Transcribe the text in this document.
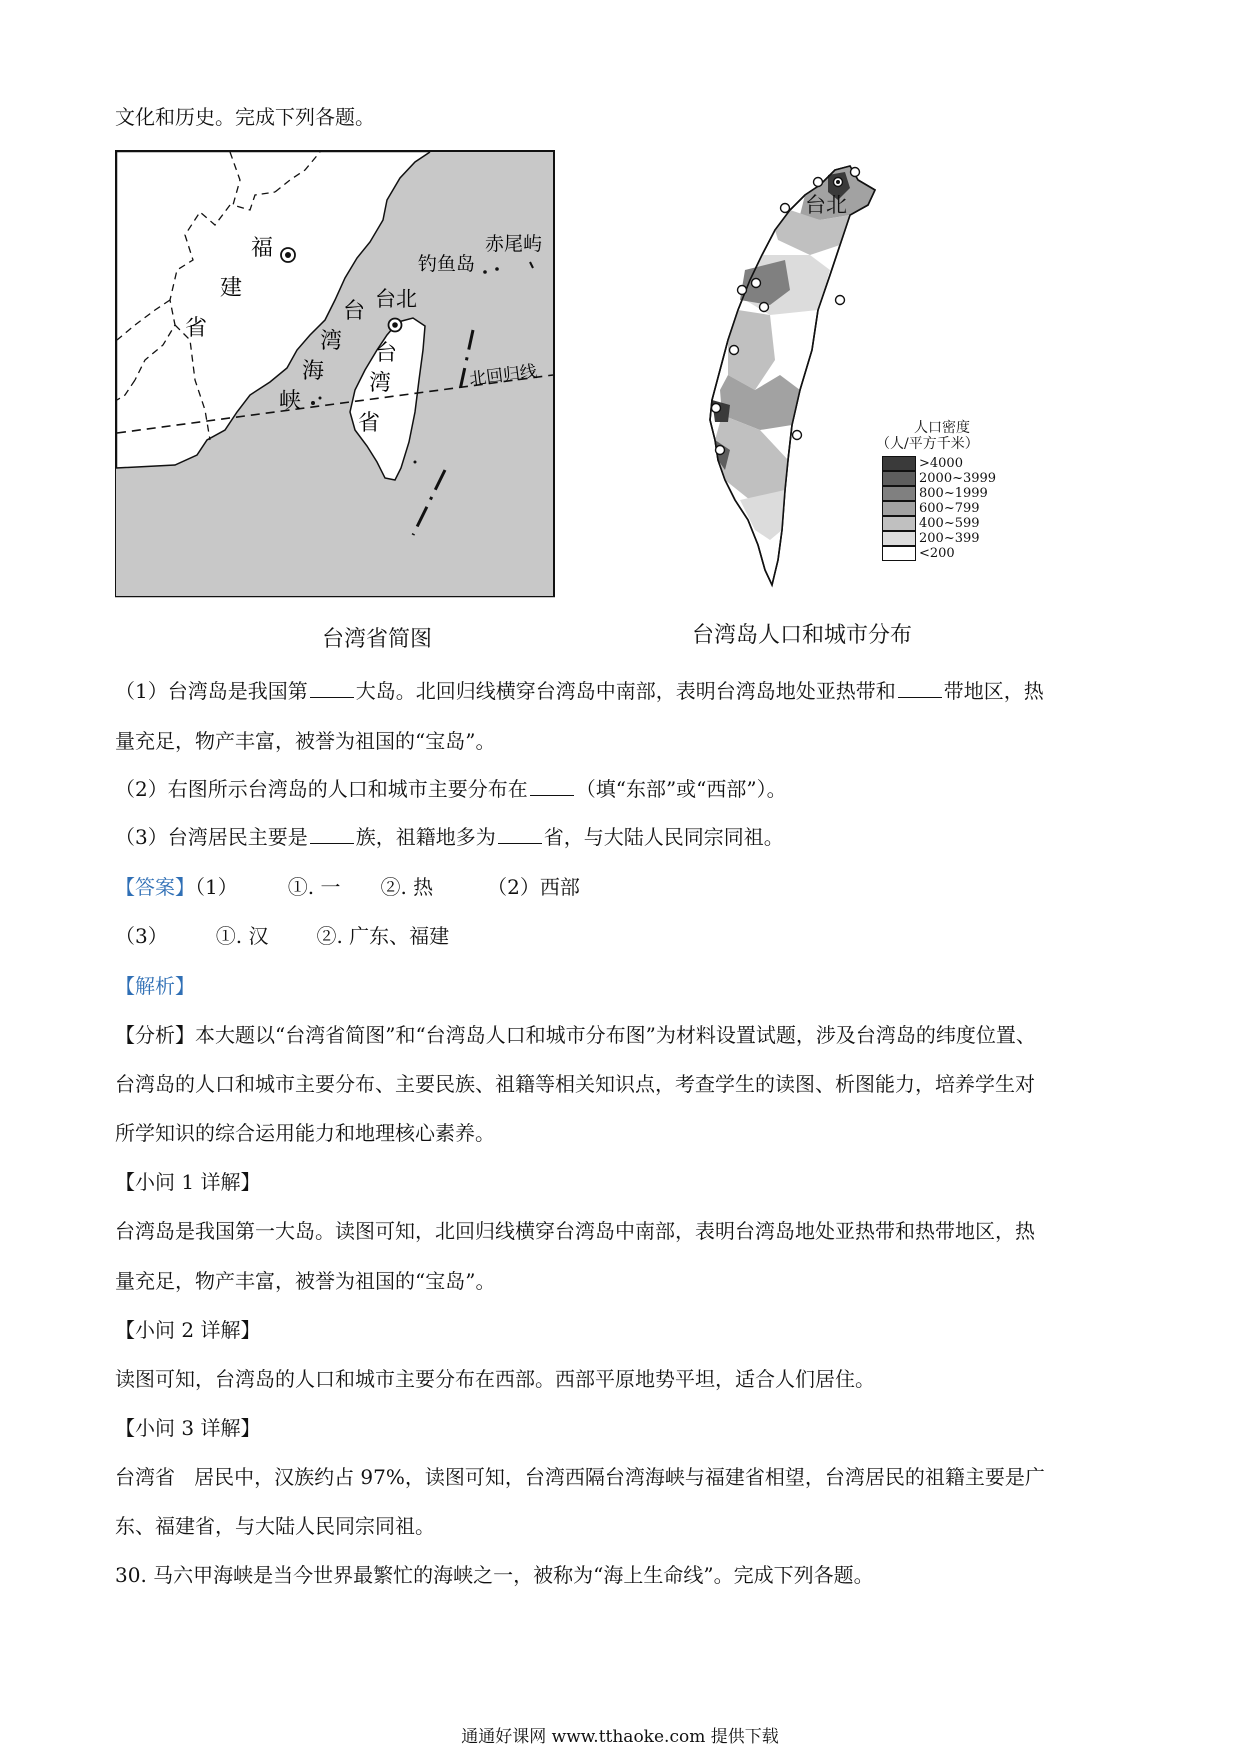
文化和历史。完成下列各题。
福
建
省
台
湾
海
峡
台北
台
湾
省
钓鱼岛
赤尾屿
北回归线
台湾省简图
台北
人口密度
（人/平方千米）
>4000
2000~3999
800~1999
600~799
400~599
200~399
<200
台湾岛人口和城市分布
（1）台湾岛是我国第 大岛。北回归线横穿台湾岛中南部，表明台湾岛地处亚热带和 带地区，热
量充足，物产丰富，被誉为祖国的“宝岛”。
（2）右图所示台湾岛的人口和城市主要分布在 （填“东部”或“西部”）。
（3）台湾居民主要是 族，祖籍地多为 省，与大陆人民同宗同祖。
【答案】（1）	①. 一 ②. 热	（2）西部
（3） ①. 汉 ②. 广东、福建
【解析】
【分析】本大题以“台湾省简图”和“台湾岛人口和城市分布图”为材料设置试题，涉及台湾岛的纬度位置、
台湾岛的人口和城市主要分布、主要民族、祖籍等相关知识点，考查学生的读图、析图能力，培养学生对
所学知识的综合运用能力和地理核心素养。
【小问 1 详解】
台湾岛是我国第一大岛。读图可知，北回归线横穿台湾岛中南部，表明台湾岛地处亚热带和热带地区，热
量充足，物产丰富，被誉为祖国的“宝岛”。
【小问 2 详解】
读图可知，台湾岛的人口和城市主要分布在西部。西部平原地势平坦，适合人们居住。
【小问 3 详解】
台湾省   居民中，汉族约占 97%，读图可知，台湾西隔台湾海峡与福建省相望，台湾居民的祖籍主要是广
东、福建省，与大陆人民同宗同祖。
30. 马六甲海峡是当今世界最繁忙的海峡之一，被称为“海上生命线”。完成下列各题。
通通好课网 www.tthaoke.com 提供下载
